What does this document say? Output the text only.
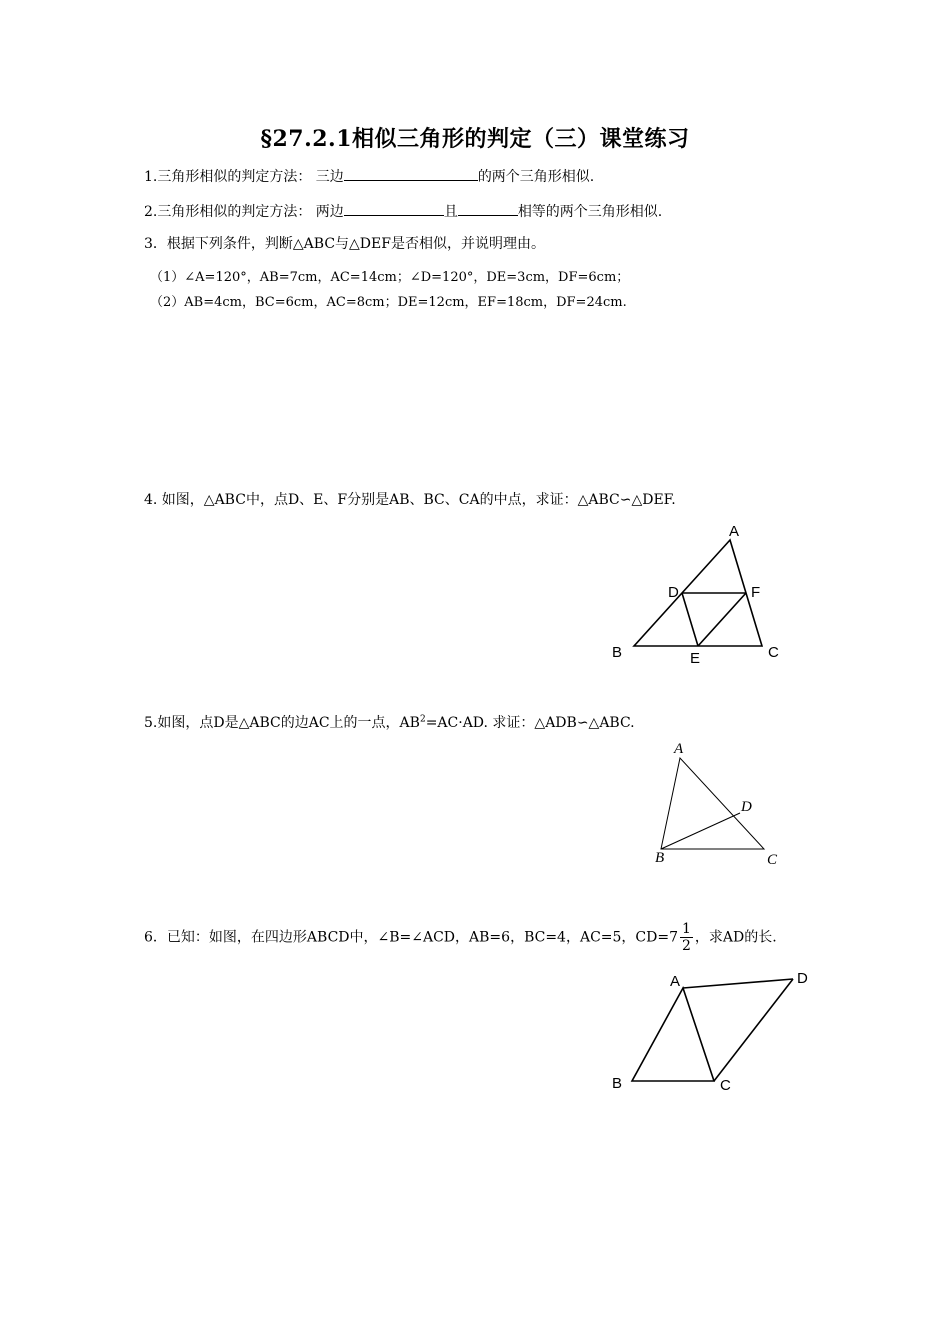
§27.2.1相似三角形的判定（三）课堂练习
1.三角形相似的判定方法： 三边	的两个三角形相似.
2.三角形相似的判定方法： 两边	且	相等的两个三角形相似.
3．根据下列条件，判断△ABC与△DEF是否相似，并说明理由。
（1）∠A=120°，AB=7cm，AC=14cm；∠D=120°，DE=3cm，DF=6cm；
（2）AB=4cm，BC=6cm，AC=8cm；DE=12cm，EF=18cm，DF=24cm.
4. 如图，△ABC中，点D、E、F分别是AB、BC、CA的中点，求证：△ABC∽△DEF.
A
B	C
D
E
F
5.如图，点D是△ABC的边AC上的一点，$AB^2=AC\cdot AD$. 求证：△ADB∽△ABC.
A
B	C
D
6．已知：如图，在四边形ABCD中，∠B=∠ACD，AB=6，BC=4，AC=5，$CD=7 \frac{1}{2}$ ，求AD的长.
A
B	C
D
